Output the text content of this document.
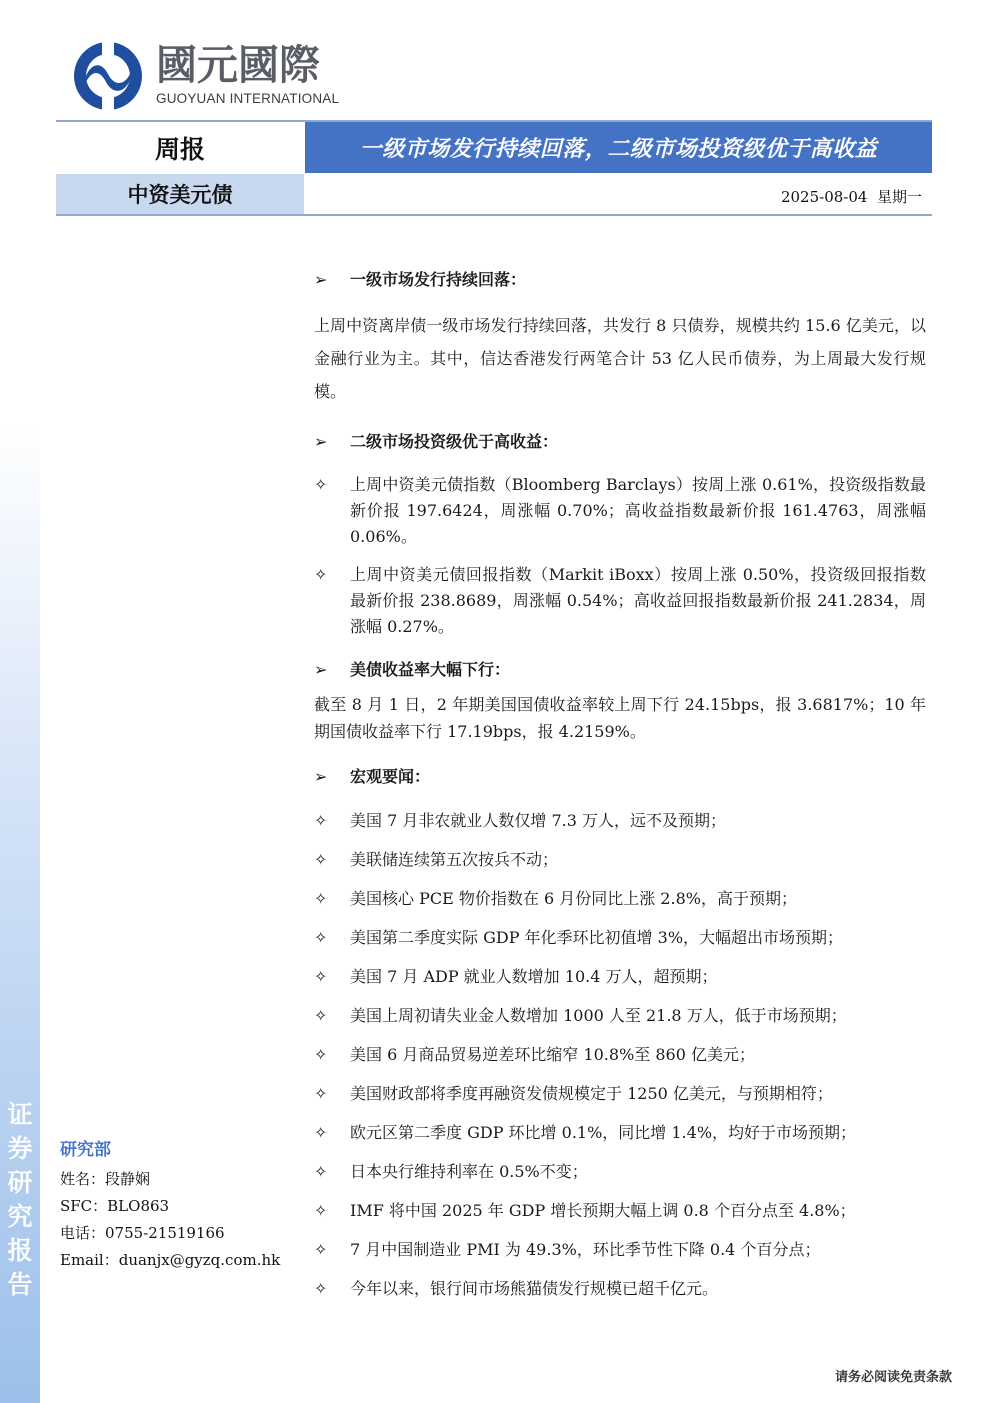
证
券
研
究
报
告
國元國際
GUOYUAN INTERNATIONAL
周报	一级市场发行持续回落，二级市场投资级优于高收益
中资美元债	2025-08-04 星期一
➢	一级市场发行持续回落：
上周中资离岸债一级市场发行持续回落，共发行 8 只债券，规模共约 15.6 亿美元，以金融行业为主。其中，信达香港发行两笔合计 53 亿人民币债券，为上周最大发行规模。
➢	二级市场投资级优于高收益：
✧	上周中资美元债指数（Bloomberg Barclays）按周上涨 0.61%，投资级指数最新价报 197.6424，周涨幅 0.70%；高收益指数最新价报 161.4763，周涨幅 0.06%。
✧	上周中资美元债回报指数（Markit iBoxx）按周上涨 0.50%，投资级回报指数最新价报 238.8689，周涨幅 0.54%；高收益回报指数最新价报 241.2834，周涨幅 0.27%。
➢	美债收益率大幅下行：
截至 8 月 1 日，2 年期美国国债收益率较上周下行 24.15bps，报 3.6817%；10 年期国债收益率下行 17.19bps，报 4.2159%。
➢	宏观要闻：
✧	美国 7 月非农就业人数仅增 7.3 万人，远不及预期；
✧	美联储连续第五次按兵不动；
✧	美国核心 PCE 物价指数在 6 月份同比上涨 2.8%，高于预期；
✧	美国第二季度实际 GDP 年化季环比初值增 3%，大幅超出市场预期；
✧	美国 7 月 ADP 就业人数增加 10.4 万人，超预期；
✧	美国上周初请失业金人数增加 1000 人至 21.8 万人，低于市场预期；
✧	美国 6 月商品贸易逆差环比缩窄 10.8%至 860 亿美元；
✧	美国财政部将季度再融资发债规模定于 1250 亿美元，与预期相符；
✧	欧元区第二季度 GDP 环比增 0.1%，同比增 1.4%，均好于市场预期；
✧	日本央行维持利率在 0.5%不变；
✧	IMF 将中国 2025 年 GDP 增长预期大幅上调 0.8 个百分点至 4.8%；
✧	7 月中国制造业 PMI 为 49.3%，环比季节性下降 0.4 个百分点；
✧	今年以来，银行间市场熊猫债发行规模已超千亿元。
研究部
姓名：段静娴
SFC：BLO863
电话：0755-21519166
Email：duanjx@gyzq.com.hk
请务必阅读免责条款
